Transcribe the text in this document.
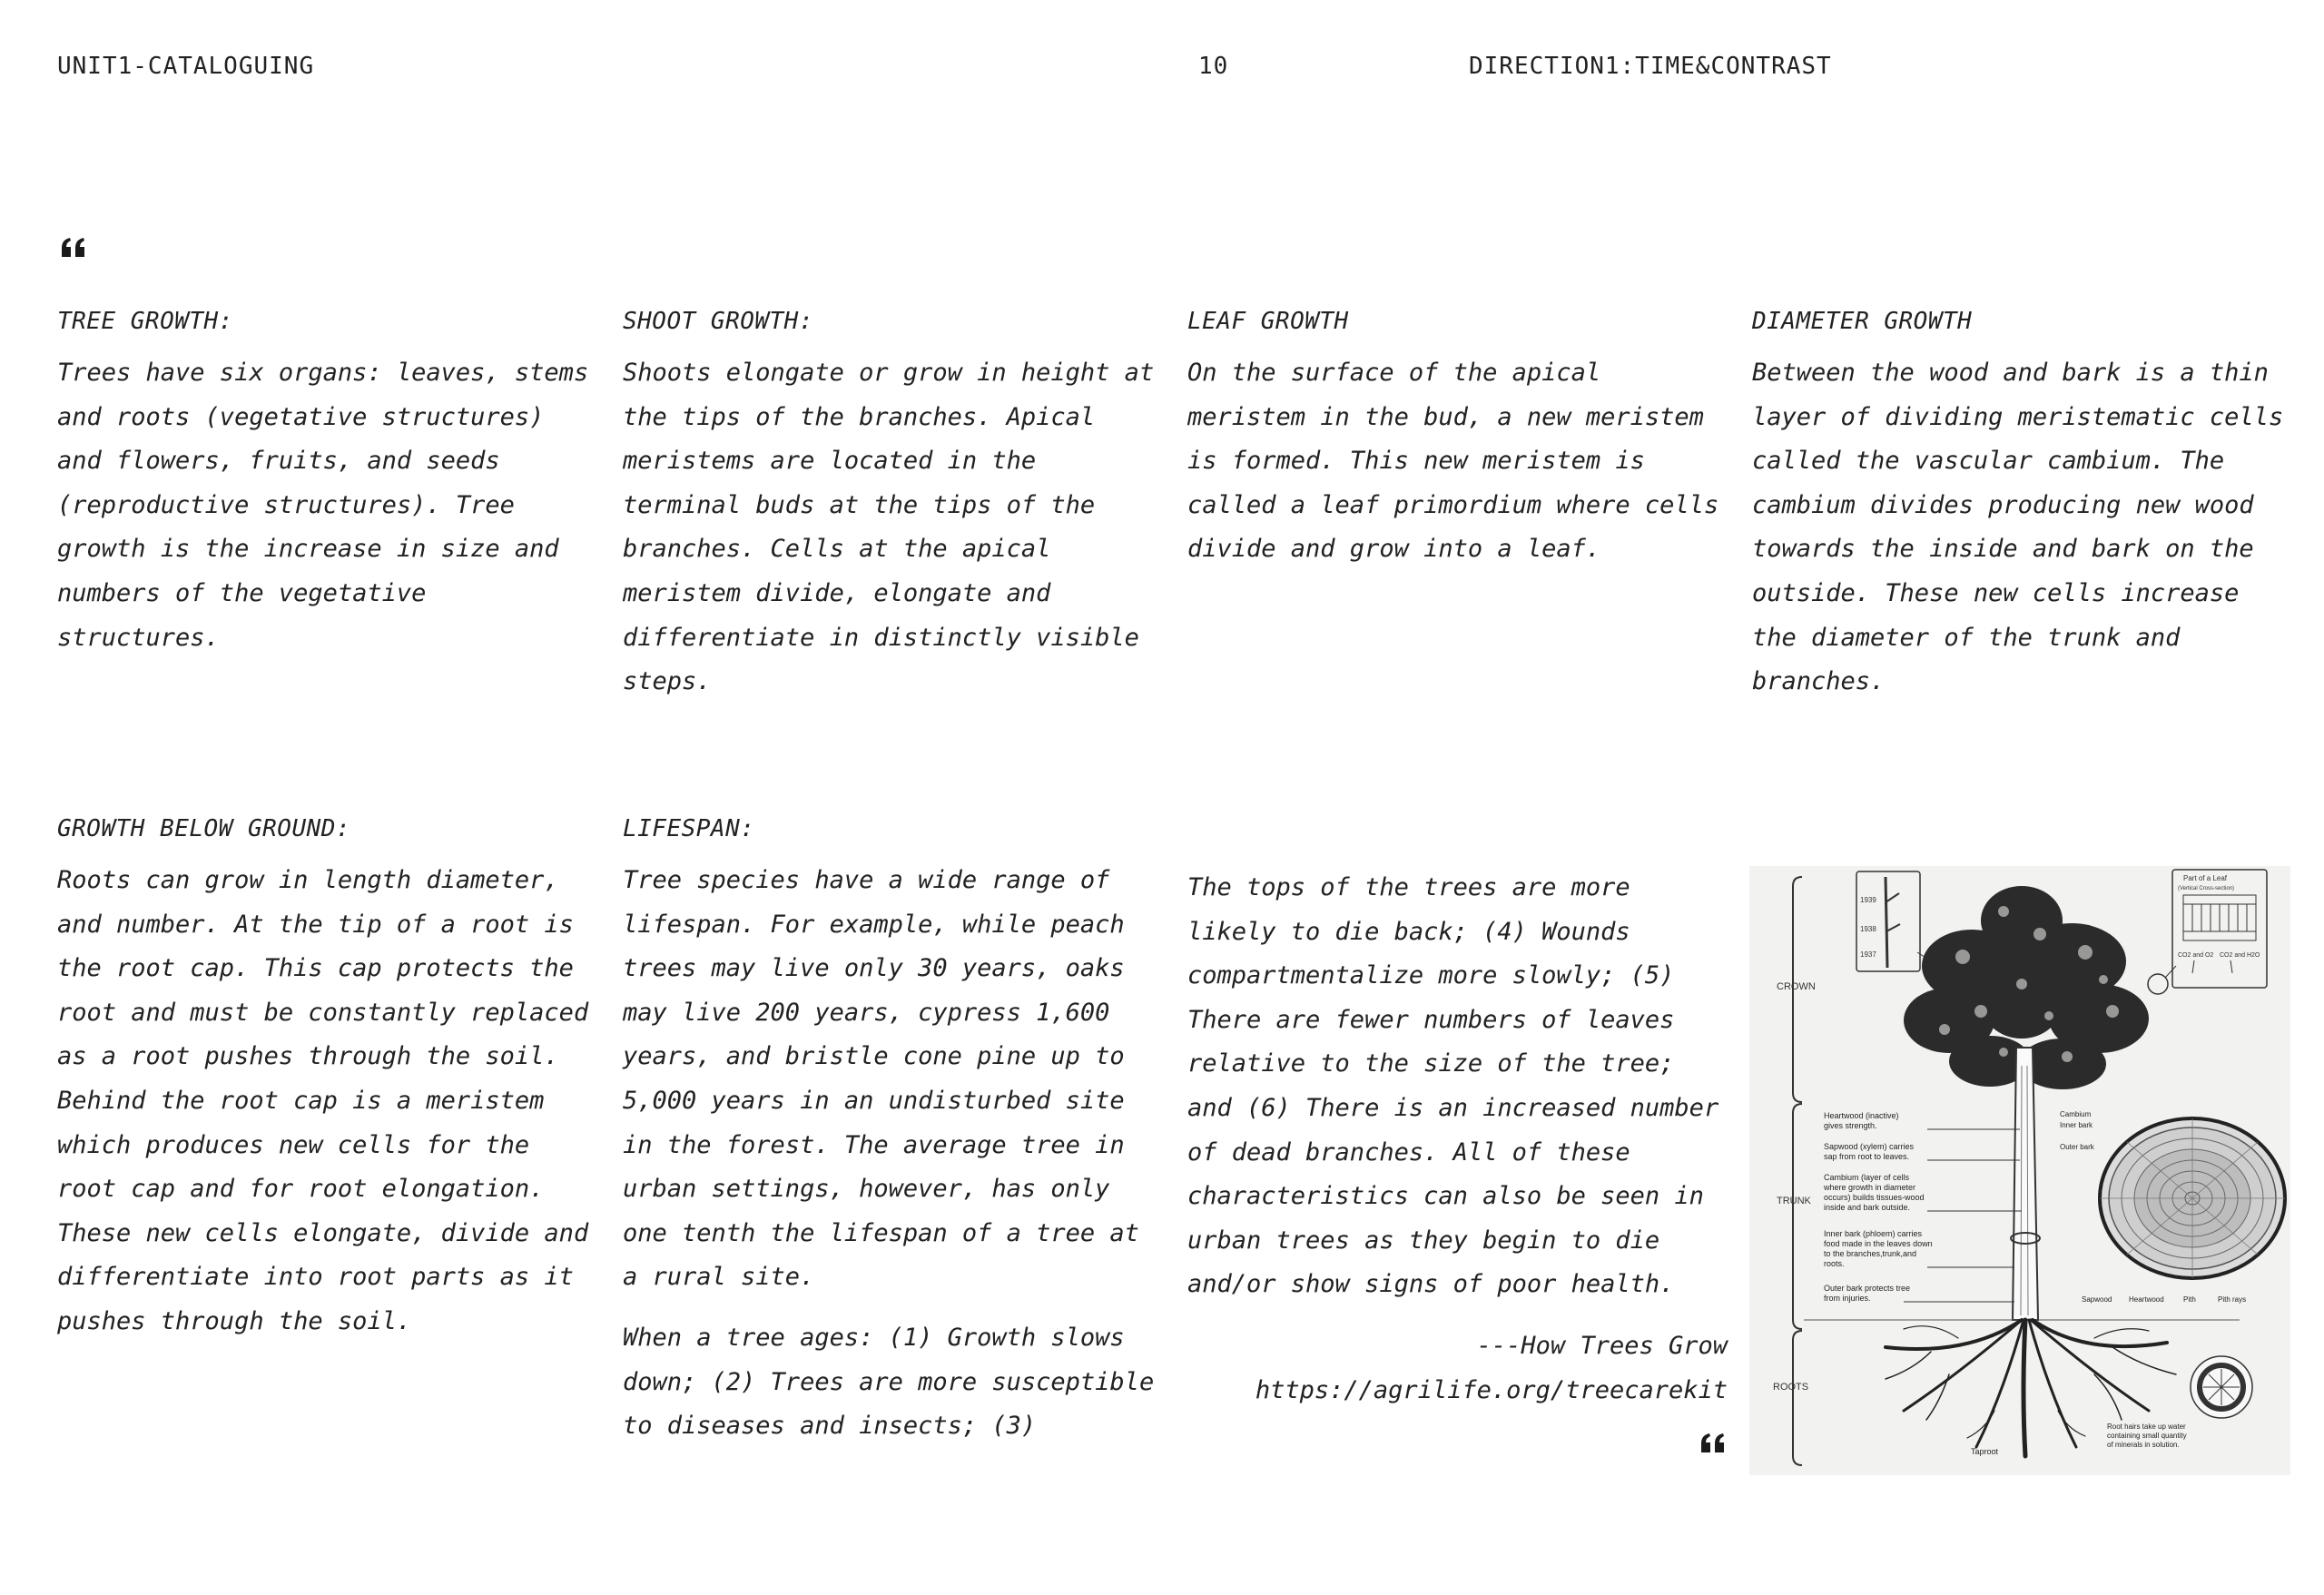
UNIT1-CATALOGUING	10	DIRECTION1:TIME&CONTRAST
TREE GROWTH:

Trees have six organs: leaves, stems and roots (vegetative structures) and flowers, fruits, and seeds (reproductive structures). Tree growth is the increase in size and numbers of the vegetative structures.

SHOOT GROWTH:

Shoots elongate or grow in height at the tips of the branches. Apical meristems are located in the terminal buds at the tips of the branches. Cells at the apical meristem divide, elongate and differentiate in distinctly visible steps.

LEAF GROWTH

On the surface of the apical meristem in the bud, a new meristem is formed. This new meristem is called a leaf primordium where cells divide and grow into a leaf.

DIAMETER GROWTH

Between the wood and bark is a thin layer of dividing meristematic cells called the vascular cambium. The cambium divides producing new wood towards the inside and bark on the outside. These new cells increase the diameter of the trunk and branches.

GROWTH BELOW GROUND:

Roots can grow in length diameter, and number. At the tip of a root is the root cap. This cap protects the root and must be constantly replaced as a root pushes through the soil. Behind the root cap is a meristem which produces new cells for the root cap and for root elongation. These new cells elongate, divide and differentiate into root parts as it pushes through the soil.

LIFESPAN:

Tree species have a wide range of lifespan. For example, while peach trees may live only 30 years, oaks may live 200 years, cypress 1,600 years, and bristle cone pine up to 5,000 years in an undisturbed site in the forest. The average tree in urban settings, however, has only one tenth the lifespan of a tree at a rural site.

When a tree ages: (1) Growth slows down; (2) Trees are more susceptible to diseases and insects; (3)

The tops of the trees are more likely to die back; (4) Wounds compartmentalize more slowly; (5) There are fewer numbers of leaves relative to the size of the tree; and (6) There is an increased number of dead branches. All of these characteristics can also be seen in urban trees as they begin to die and/or show signs of poor health.

---How Trees Grow
https://agrilife.org/treecarekit
CROWN
TRUNK
ROOTS
1939
1938
1937
Part of a Leaf
(Vertical Cross-section)
CO2 and O2 CO2 and H2O
Heartwood (inactive) gives strength.
Sapwood (xylem) carries sap from root to leaves.
Cambium (layer of cells where growth in diameter occurs) builds tissues-wood inside and bark outside.
Inner bark (phloem) carries food made in the leaves down to the branches,trunk,and roots.
Outer bark protects tree from injuries.
Cambium
Inner bark
Outer bark
Sapwood Heartwood	Pith	Pith rays
Root hairs take up water containing small quantity of minerals in solution.
Taproot
